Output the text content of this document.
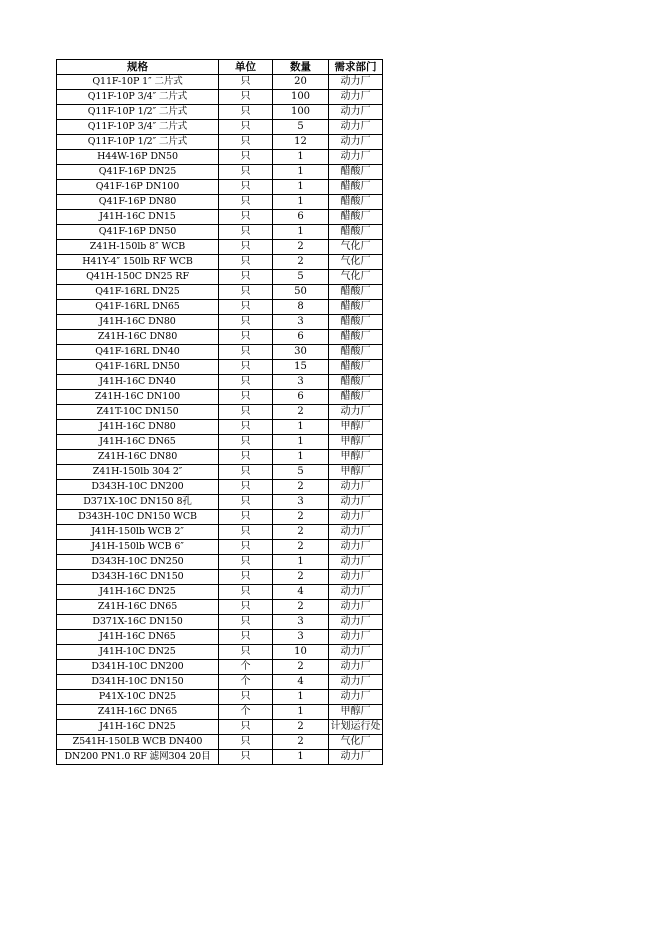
规格	单位	数量	需求部门
Q11F-10P 1″ 二片式	只	20	动力厂
Q11F-10P 3/4″ 二片式	只	100	动力厂
Q11F-10P 1/2″ 二片式	只	100	动力厂
Q11F-10P 3/4″ 二片式	只	5	动力厂
Q11F-10P 1/2″ 二片式	只	12	动力厂
H44W-16P DN50	只	1	动力厂
Q41F-16P DN25	只	1	醋酸厂
Q41F-16P DN100	只	1	醋酸厂
Q41F-16P DN80	只	1	醋酸厂
J41H-16C DN15	只	6	醋酸厂
Q41F-16P DN50	只	1	醋酸厂
Z41H-150lb 8″ WCB	只	2	气化厂
H41Y-4″ 150lb RF WCB	只	2	气化厂
Q41H-150C DN25 RF	只	5	气化厂
Q41F-16RL DN25	只	50	醋酸厂
Q41F-16RL DN65	只	8	醋酸厂
J41H-16C DN80	只	3	醋酸厂
Z41H-16C DN80	只	6	醋酸厂
Q41F-16RL DN40	只	30	醋酸厂
Q41F-16RL DN50	只	15	醋酸厂
J41H-16C DN40	只	3	醋酸厂
Z41H-16C DN100	只	6	醋酸厂
Z41T-10C DN150	只	2	动力厂
J41H-16C DN80	只	1	甲醇厂
J41H-16C DN65	只	1	甲醇厂
Z41H-16C DN80	只	1	甲醇厂
Z41H-150lb 304 2″	只	5	甲醇厂
D343H-10C DN200	只	2	动力厂
D371X-10C DN150 8孔	只	3	动力厂
D343H-10C DN150 WCB	只	2	动力厂
J41H-150lb WCB 2″	只	2	动力厂
J41H-150lb WCB 6″	只	2	动力厂
D343H-10C DN250	只	1	动力厂
D343H-16C DN150	只	2	动力厂
J41H-16C DN25	只	4	动力厂
Z41H-16C DN65	只	2	动力厂
D371X-16C DN150	只	3	动力厂
J41H-16C DN65	只	3	动力厂
J41H-10C DN25	只	10	动力厂
D341H-10C DN200	个	2	动力厂
D341H-10C DN150	个	4	动力厂
P41X-10C DN25	只	1	动力厂
Z41H-16C DN65	个	1	甲醇厂
J41H-16C DN25	只	2	计划运行处
Z541H-150LB WCB DN400	只	2	气化厂
DN200 PN1.0 RF 滤网304 20目	只	1	动力厂
